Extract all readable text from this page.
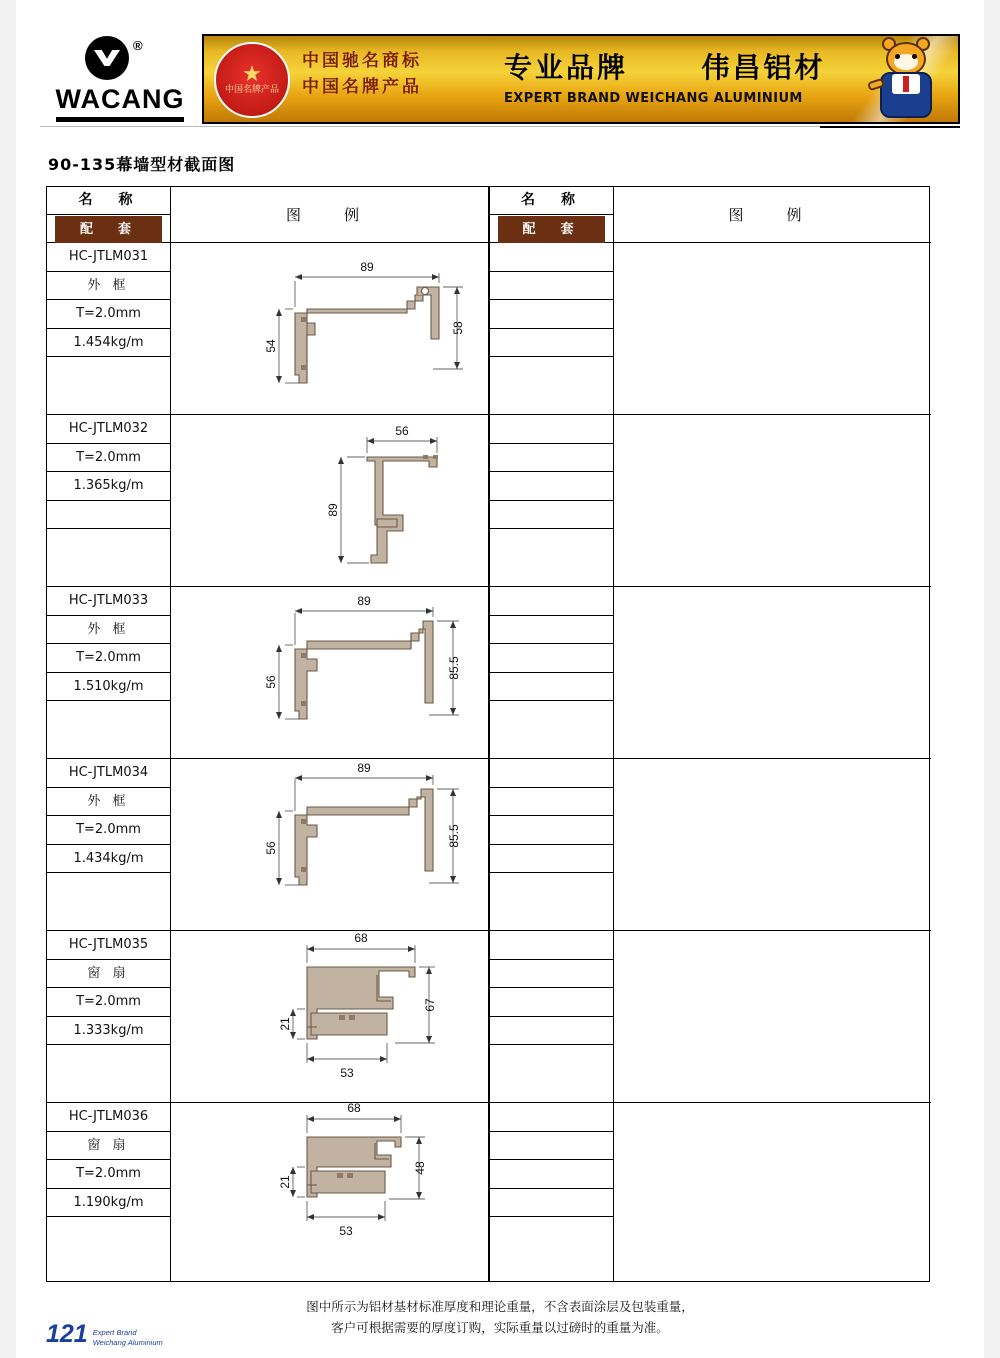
®
WACANG
★
中国名牌产品
中国驰名商标
中国名牌产品
专业品牌	伟昌铝材
EXPERT BRAND WEICHANG ALUMINIUM
90-135幕墙型材截面图
名　称
配　套
图　例
HC-JTLM031
外 框
T=2.0mm
1.454kg/m
89
54
58
HC-JTLM032
T=2.0mm
1.365kg/m
56
89
HC-JTLM033
外 框
T=2.0mm
1.510kg/m
89
56
85.5
HC-JTLM034
外 框
T=2.0mm
1.434kg/m
89
56
85.5
HC-JTLM035
窗 扇
T=2.0mm
1.333kg/m
68
21
67
53
HC-JTLM036
窗 扇
T=2.0mm
1.190kg/m
68
21
48
53
名　称
配　套
图　例
图中所示为铝材基材标准厚度和理论重量，不含表面涂层及包装重量，
客户可根据需要的厚度订购，实际重量以过磅时的重量为准。
121 Expert Brand
Weichang Aluminium
